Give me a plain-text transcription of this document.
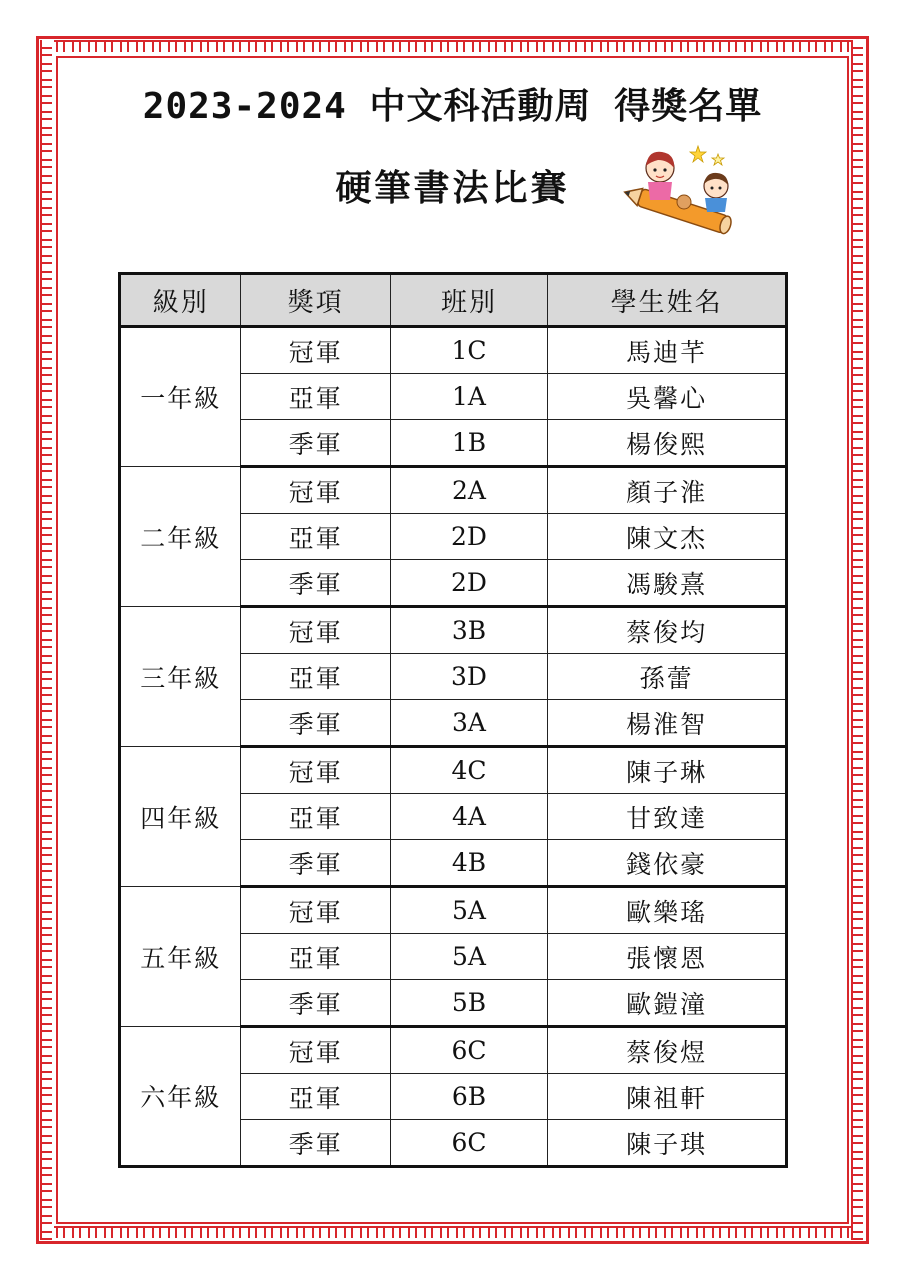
2023-2024 中文科活動周 得獎名單
硬筆書法比賽
級別	獎項	班別	學生姓名
一年級	冠軍	1C	馬迪芊
	亞軍	1A	吳馨心
	季軍	1B	楊俊熙
二年級	冠軍	2A	顏子淮
	亞軍	2D	陳文杰
	季軍	2D	馮駿熹
三年級	冠軍	3B	蔡俊均
	亞軍	3D	孫蕾
	季軍	3A	楊淮智
四年級	冠軍	4C	陳子琳
	亞軍	4A	甘致達
	季軍	4B	錢依豪
五年級	冠軍	5A	歐樂瑤
	亞軍	5A	張懷恩
	季軍	5B	歐鎧潼
六年級	冠軍	6C	蔡俊煜
	亞軍	6B	陳祖軒
	季軍	6C	陳子琪
